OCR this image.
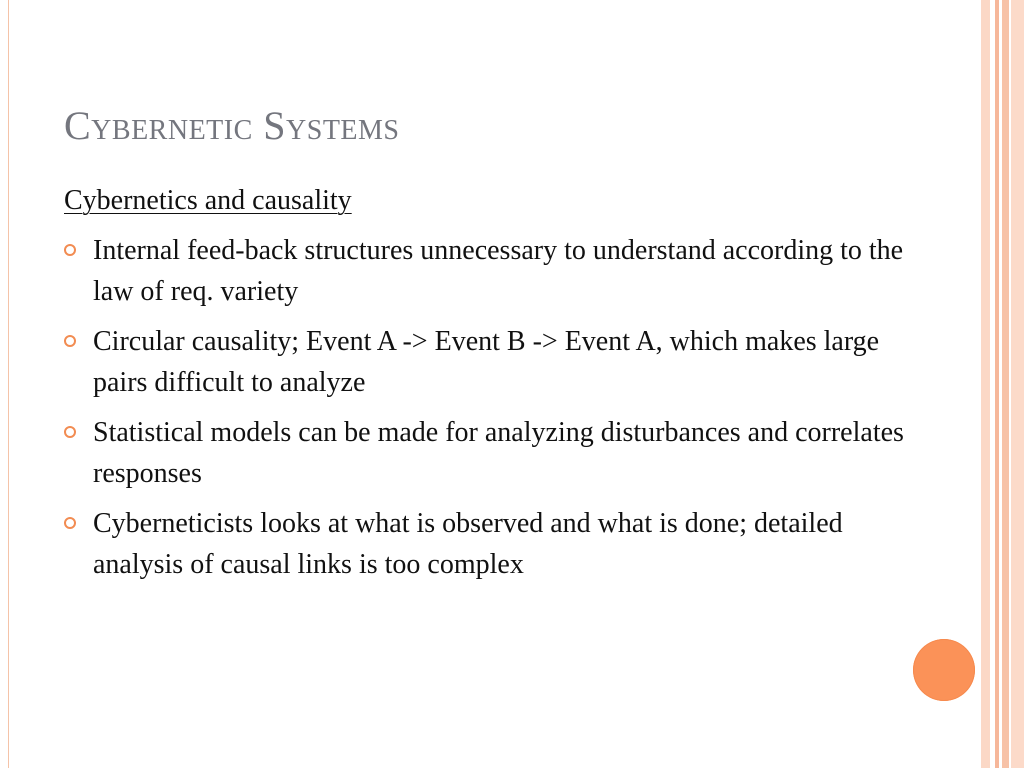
Cybernetic Systems
Cybernetics and causality
Internal feed-back structures unnecessary to understand according to the law of req. variety
Circular causality; Event A -> Event B -> Event A, which makes large pairs difficult to analyze
Statistical models can be made for analyzing disturbances and correlates responses
Cyberneticists looks at what is observed and what is done; detailed analysis of causal links is too complex
